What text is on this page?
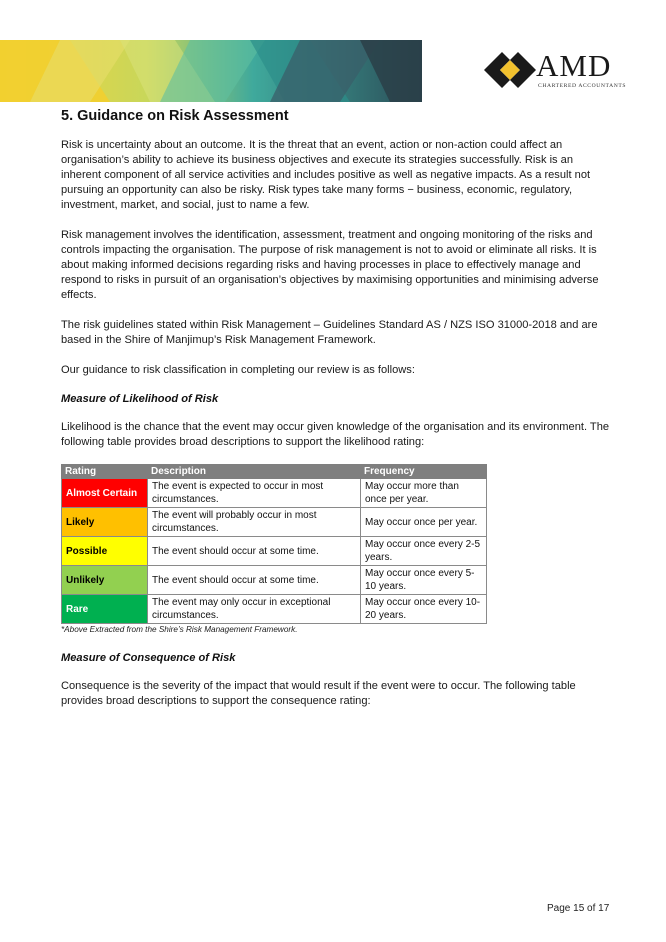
AMD
CHARTERED ACCOUNTANTS
5. Guidance on Risk Assessment

Risk is uncertainty about an outcome. It is the threat that an event, action or non-action could affect an organisation’s ability to achieve its business objectives and execute its strategies successfully. Risk is an inherent component of all service activities and includes positive as well as negative impacts. As a result not pursuing an opportunity can also be risky. Risk types take many forms − business, economic, regulatory, investment, market, and social, just to name a few.

Risk management involves the identification, assessment, treatment and ongoing monitoring of the risks and controls impacting the organisation. The purpose of risk management is not to avoid or eliminate all risks. It is about making informed decisions regarding risks and having processes in place to effectively manage and respond to risks in pursuit of an organisation’s objectives by maximising opportunities and minimising adverse effects.

The risk guidelines stated within Risk Management – Guidelines Standard AS / NZS ISO 31000-2018 and are based in the Shire of Manjimup’s Risk Management Framework.

Our guidance to risk classification in completing our review is as follows:

Measure of Likelihood of Risk

Likelihood is the chance that the event may occur given knowledge of the organisation and its environment. The following table provides broad descriptions to support the likelihood rating:

Rating	Description	Frequency
Almost Certain	The event is expected to occur in most circumstances.	May occur more than once per year.
Likely	The event will probably occur in most circumstances.	May occur once per year.
Possible	The event should occur at some time.	May occur once every 2-5 years.
Unlikely	The event should occur at some time.	May occur once every 5-10 years.
Rare	The event may only occur in exceptional circumstances.	May occur once every 10-20 years.
*Above Extracted from the Shire’s Risk Management Framework.
Measure of Consequence of Risk

Consequence is the severity of the impact that would result if the event were to occur. The following table provides broad descriptions to support the consequence rating:

Page 15 of 17
